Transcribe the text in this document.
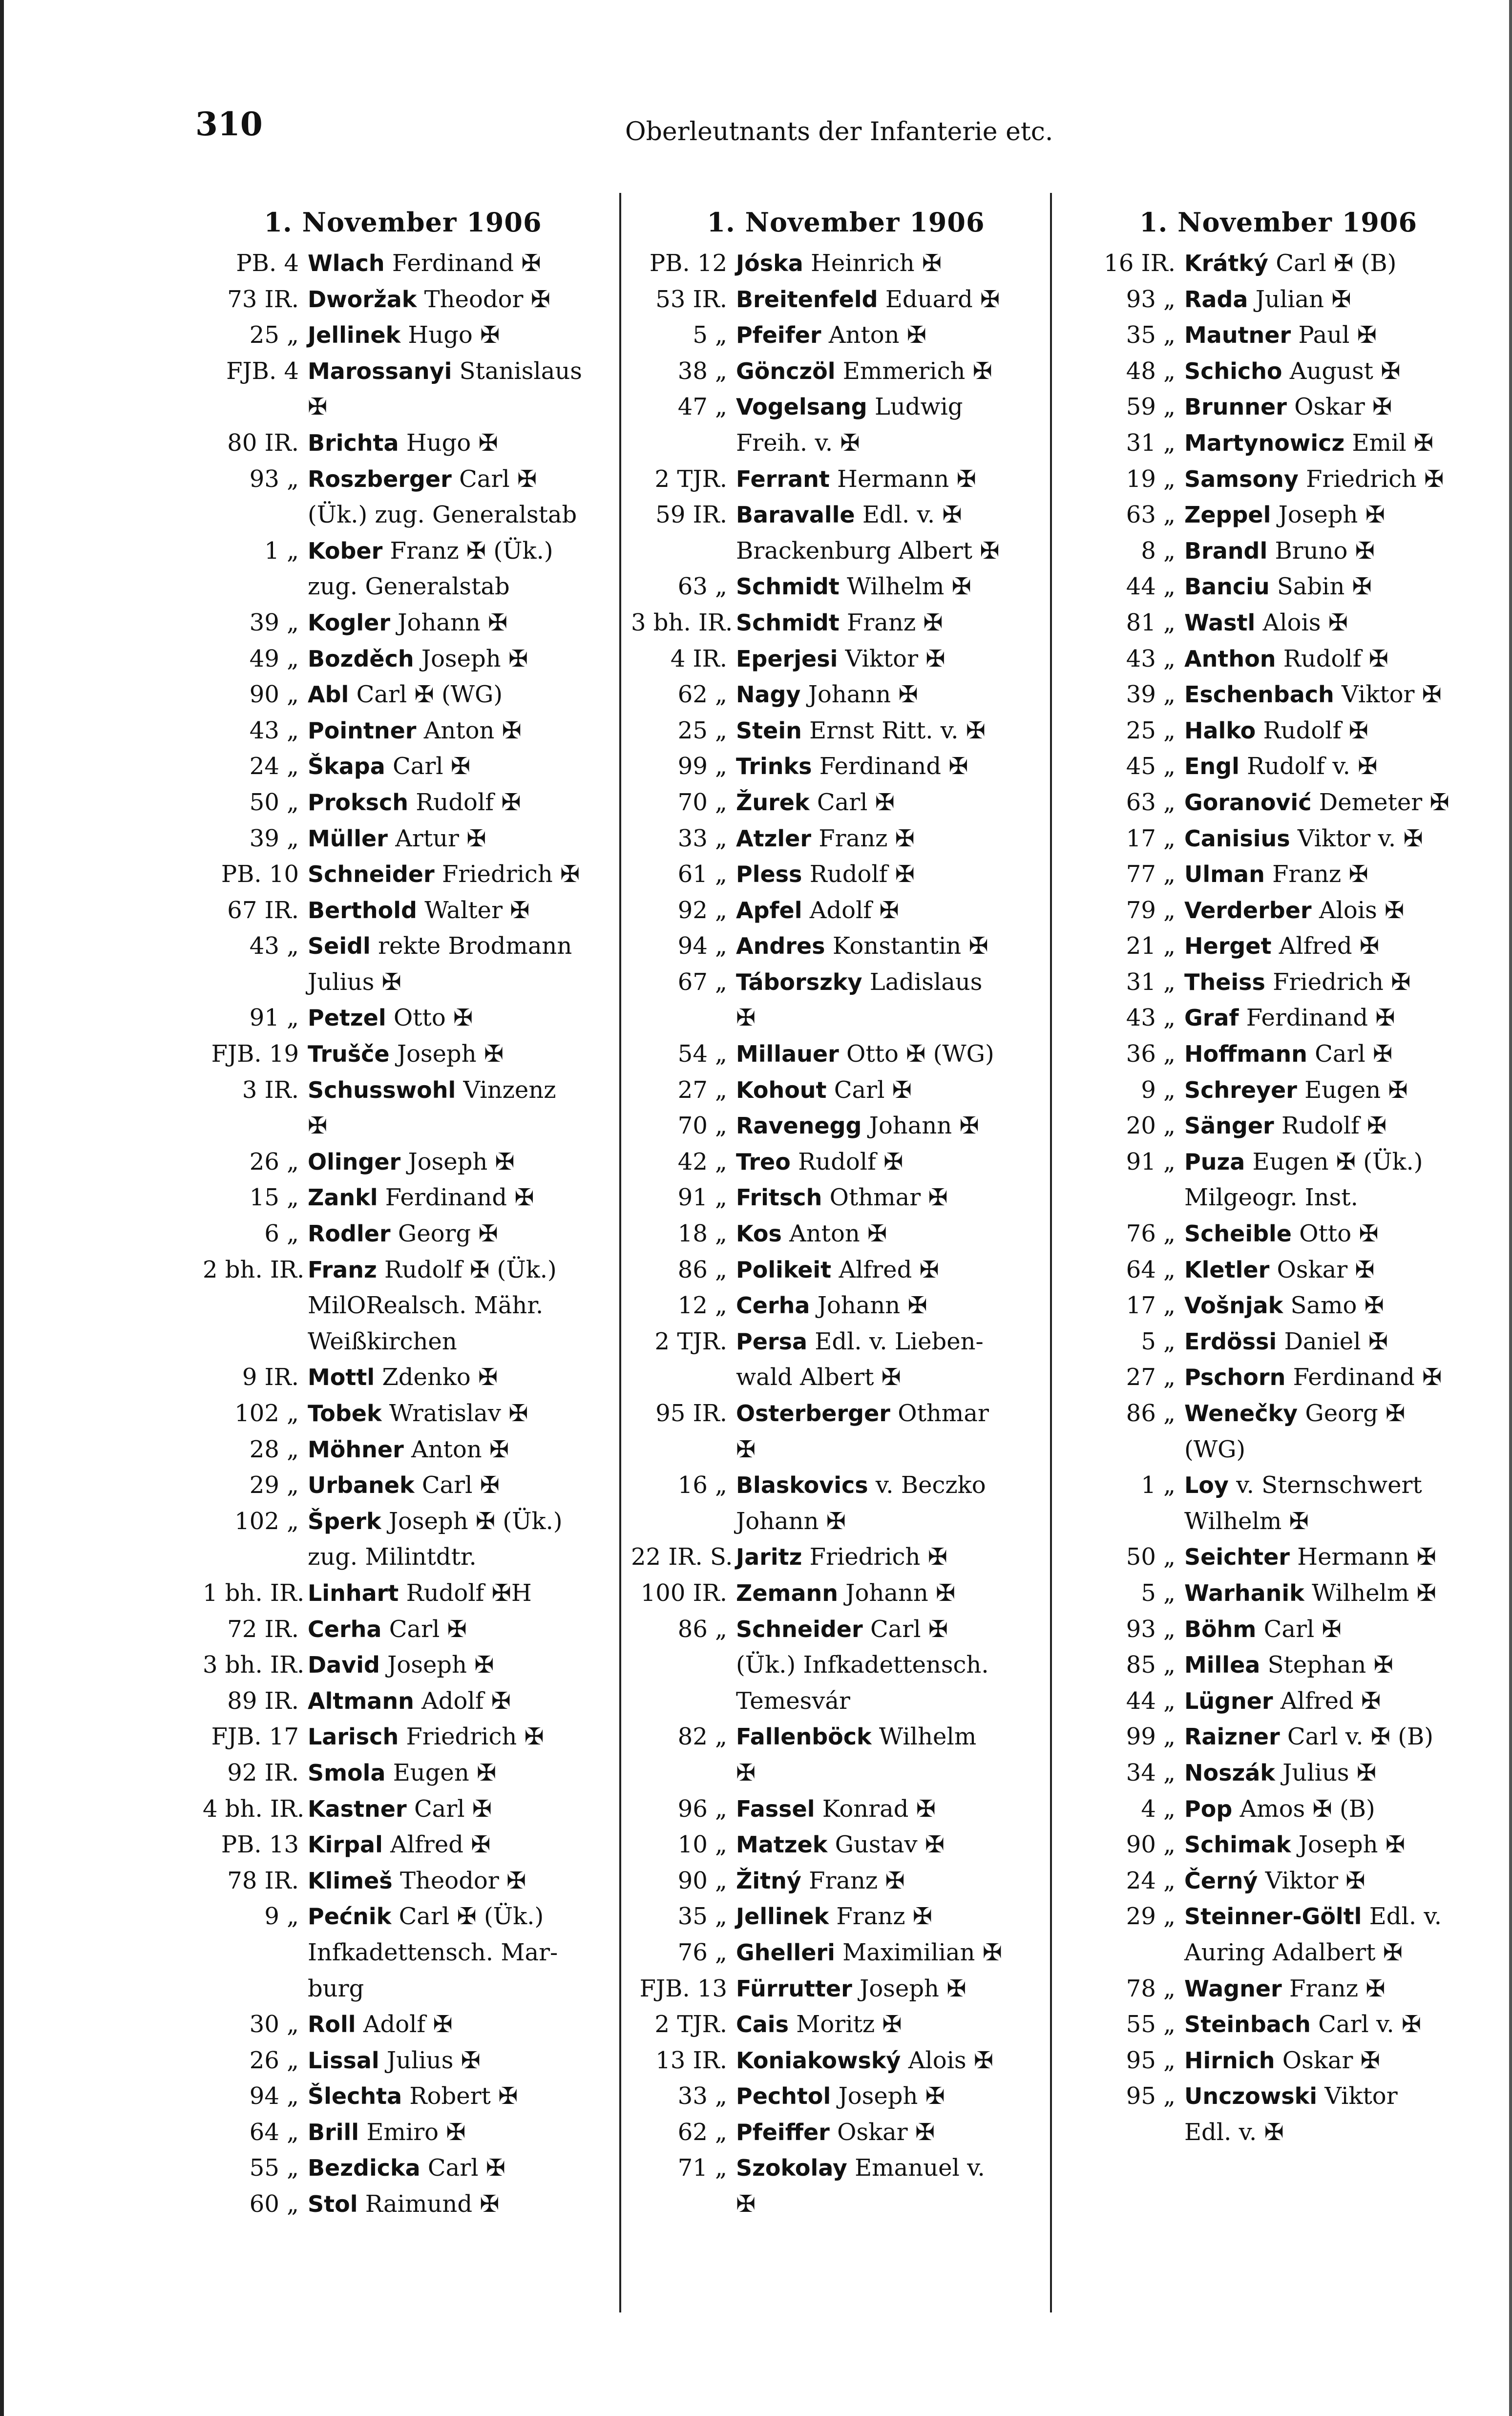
310	Oberleutnants der Infanterie etc.
1. November 1906
PB. 4 Wlach Ferdinand ✠
73 IR. Dworžak Theodor ✠
25 „ Jellinek Hugo ✠
FJB. 4 Marossanyi Stanislaus
✠
80 IR. Brichta Hugo ✠
93 „ Roszberger Carl ✠
(Ük.) zug. Generalstab
1 „ Kober Franz ✠ (Ük.)
zug. Generalstab
39 „ Kogler Johann ✠
49 „ Bozděch Joseph ✠
90 „ Abl Carl ✠ (WG)
43 „ Pointner Anton ✠
24 „ Škapa Carl ✠
50 „ Proksch Rudolf ✠
39 „ Müller Artur ✠
PB. 10 Schneider Friedrich ✠
67 IR. Berthold Walter ✠
43 „ Seidl rekte Brodmann
Julius ✠
91 „ Petzel Otto ✠
FJB. 19 Trušče Joseph ✠
3 IR. Schusswohl Vinzenz
✠
26 „ Olinger Joseph ✠
15 „ Zankl Ferdinand ✠
6 „ Rodler Georg ✠
2 bh. IR. Franz Rudolf ✠ (Ük.)
MilORealsch. Mähr.
Weißkirchen
9 IR. Mottl Zdenko ✠
102 „ Tobek Wratislav ✠
28 „ Möhner Anton ✠
29 „ Urbanek Carl ✠
102 „ Šperk Joseph ✠ (Ük.)
zug. Milintdtr.
1 bh. IR. Linhart Rudolf ✠H
72 IR. Cerha Carl ✠
3 bh. IR. David Joseph ✠
89 IR. Altmann Adolf ✠
FJB. 17 Larisch Friedrich ✠
92 IR. Smola Eugen ✠
4 bh. IR. Kastner Carl ✠
PB. 13 Kirpal Alfred ✠
78 IR. Klimeš Theodor ✠
9 „ Pećnik Carl ✠ (Ük.)
Infkadettensch. Mar-
burg
30 „ Roll Adolf ✠
26 „ Lissal Julius ✠
94 „ Šlechta Robert ✠
64 „ Brill Emiro ✠
55 „ Bezdicka Carl ✠
60 „ Stol Raimund ✠
1. November 1906
PB. 12 Jóska Heinrich ✠
53 IR. Breitenfeld Eduard ✠
5 „ Pfeifer Anton ✠
38 „ Gönczöl Emmerich ✠
47 „ Vogelsang Ludwig
Freih. v. ✠
2 TJR. Ferrant Hermann ✠
59 IR. Baravalle Edl. v. ✠
Brackenburg Albert ✠
63 „ Schmidt Wilhelm ✠
3 bh. IR. Schmidt Franz ✠
4 IR. Eperjesi Viktor ✠
62 „ Nagy Johann ✠
25 „ Stein Ernst Ritt. v. ✠
99 „ Trinks Ferdinand ✠
70 „ Žurek Carl ✠
33 „ Atzler Franz ✠
61 „ Pless Rudolf ✠
92 „ Apfel Adolf ✠
94 „ Andres Konstantin ✠
67 „ Táborszky Ladislaus
✠
54 „ Millauer Otto ✠ (WG)
27 „ Kohout Carl ✠
70 „ Ravenegg Johann ✠
42 „ Treo Rudolf ✠
91 „ Fritsch Othmar ✠
18 „ Kos Anton ✠
86 „ Polikeit Alfred ✠
12 „ Cerha Johann ✠
2 TJR. Persa Edl. v. Lieben-
wald Albert ✠
95 IR. Osterberger Othmar
✠
16 „ Blaskovics v. Beczko
Johann ✠
22 IR. S. Jaritz Friedrich ✠
100 IR. Zemann Johann ✠
86 „ Schneider Carl ✠
(Ük.) Infkadettensch.
Temesvár
82 „ Fallenböck Wilhelm
✠
96 „ Fassel Konrad ✠
10 „ Matzek Gustav ✠
90 „ Žitný Franz ✠
35 „ Jellinek Franz ✠
76 „ Ghelleri Maximilian ✠
FJB. 13 Fürrutter Joseph ✠
2 TJR. Cais Moritz ✠
13 IR. Koniakowský Alois ✠
33 „ Pechtol Joseph ✠
62 „ Pfeiffer Oskar ✠
71 „ Szokolay Emanuel v.
✠
1. November 1906
16 IR. Krátký Carl ✠ (B)
93 „ Rada Julian ✠
35 „ Mautner Paul ✠
48 „ Schicho August ✠
59 „ Brunner Oskar ✠
31 „ Martynowicz Emil ✠
19 „ Samsony Friedrich ✠
63 „ Zeppel Joseph ✠
8 „ Brandl Bruno ✠
44 „ Banciu Sabin ✠
81 „ Wastl Alois ✠
43 „ Anthon Rudolf ✠
39 „ Eschenbach Viktor ✠
25 „ Halko Rudolf ✠
45 „ Engl Rudolf v. ✠
63 „ Goranović Demeter ✠
17 „ Canisius Viktor v. ✠
77 „ Ulman Franz ✠
79 „ Verderber Alois ✠
21 „ Herget Alfred ✠
31 „ Theiss Friedrich ✠
43 „ Graf Ferdinand ✠
36 „ Hoffmann Carl ✠
9 „ Schreyer Eugen ✠
20 „ Sänger Rudolf ✠
91 „ Puza Eugen ✠ (Ük.)
Milgeogr. Inst.
76 „ Scheible Otto ✠
64 „ Kletler Oskar ✠
17 „ Vošnjak Samo ✠
5 „ Erdössi Daniel ✠
27 „ Pschorn Ferdinand ✠
86 „ Wenečky Georg ✠
(WG)
1 „ Loy v. Sternschwert
Wilhelm ✠
50 „ Seichter Hermann ✠
5 „ Warhanik Wilhelm ✠
93 „ Böhm Carl ✠
85 „ Millea Stephan ✠
44 „ Lügner Alfred ✠
99 „ Raizner Carl v. ✠ (B)
34 „ Noszák Julius ✠
4 „ Pop Amos ✠ (B)
90 „ Schimak Joseph ✠
24 „ Černý Viktor ✠
29 „ Steinner-Göltl Edl. v.
Auring Adalbert ✠
78 „ Wagner Franz ✠
55 „ Steinbach Carl v. ✠
95 „ Hirnich Oskar ✠
95 „ Unczowski Viktor
Edl. v. ✠
